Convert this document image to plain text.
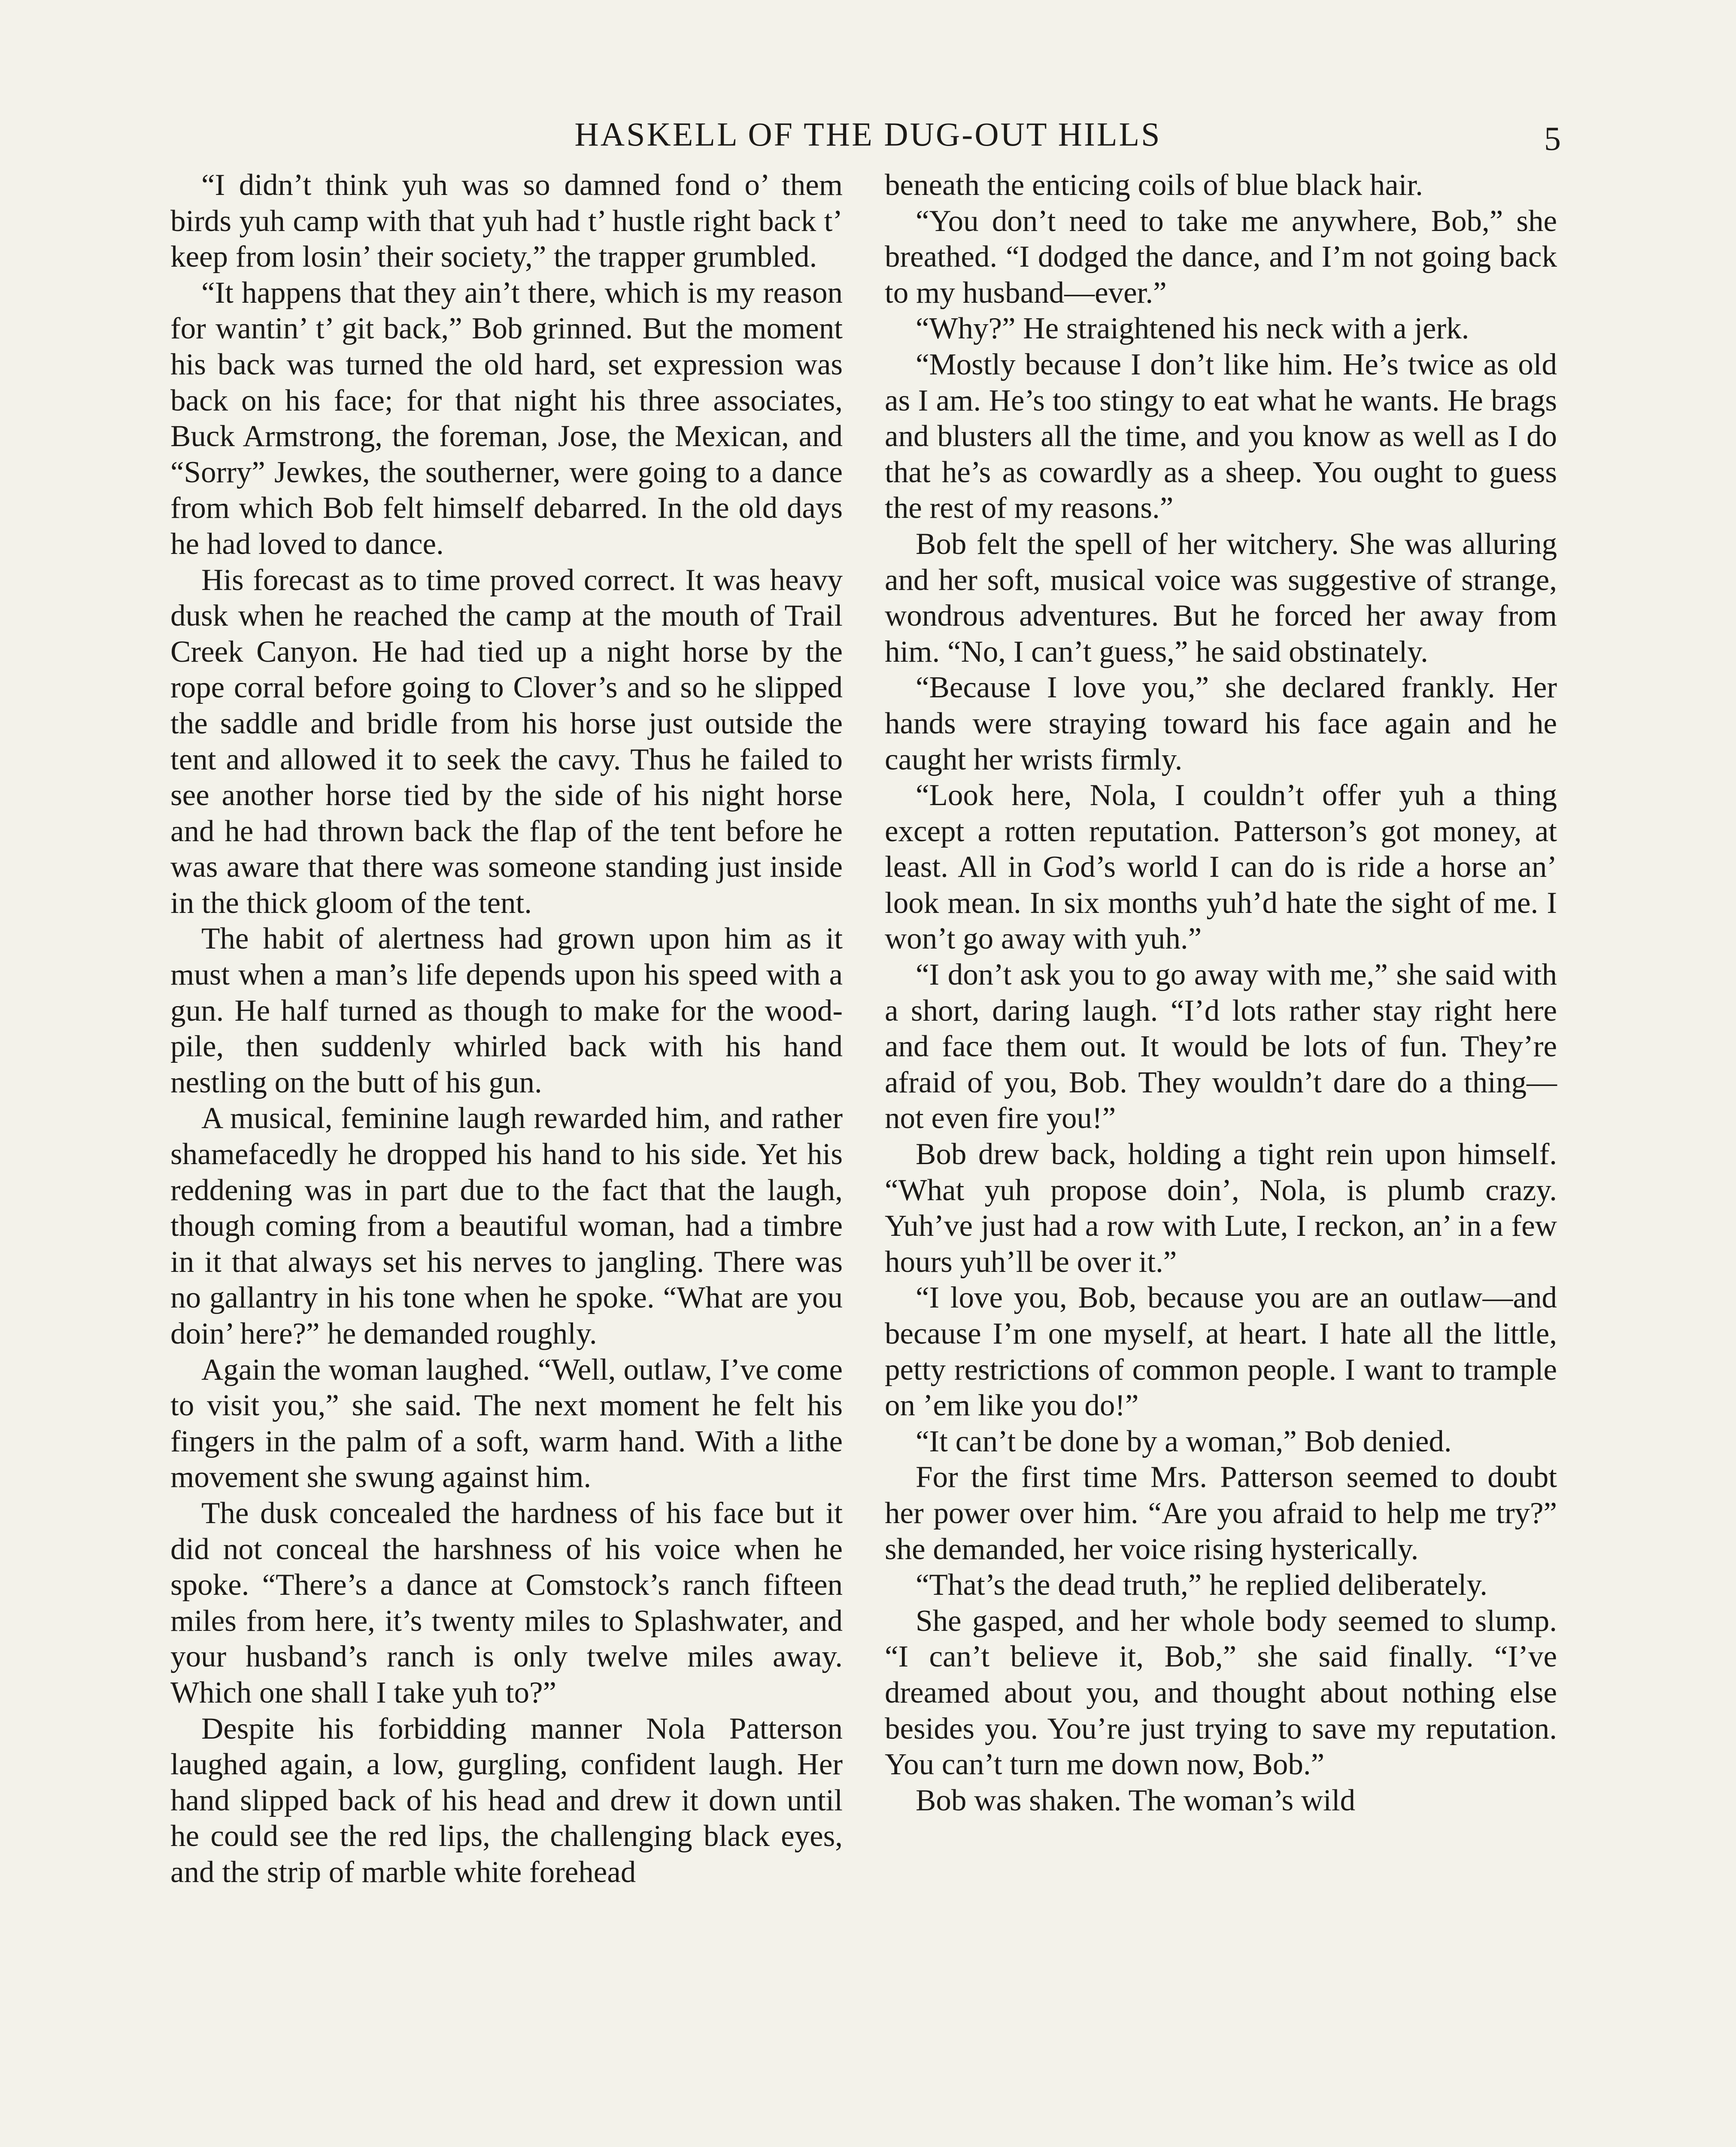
HASKELL OF THE DUG-OUT HILLS	5

“I didn’t think yuh was so damned fond o’ them birds yuh camp with that yuh had t’ hustle right back t’ keep from losin’ their society,” the trapper grumbled.

“It happens that they ain’t there, which is my reason for wantin’ t’ git back,” Bob grinned. But the moment his back was turned the old hard, set expression was back on his face; for that night his three associates, Buck Armstrong, the foreman, Jose, the Mexican, and “Sorry” Jewkes, the southerner, were going to a dance from which Bob felt himself debarred. In the old days he had loved to dance.

His forecast as to time proved correct. It was heavy dusk when he reached the camp at the mouth of Trail Creek Canyon. He had tied up a night horse by the rope corral before going to Clover’s and so he slipped the saddle and bridle from his horse just outside the tent and allowed it to seek the cavy. Thus he failed to see another horse tied by the side of his night horse and he had thrown back the flap of the tent before he was aware that there was someone standing just inside in the thick gloom of the tent.

The habit of alertness had grown upon him as it must when a man’s life depends upon his speed with a gun. He half turned as though to make for the wood-pile, then suddenly whirled back with his hand nestling on the butt of his gun.

A musical, feminine laugh rewarded him, and rather shamefacedly he dropped his hand to his side. Yet his reddening was in part due to the fact that the laugh, though coming from a beautiful woman, had a timbre in it that always set his nerves to jangling. There was no gallantry in his tone when he spoke. “What are you doin’ here?” he demanded roughly.

Again the woman laughed. “Well, outlaw, I’ve come to visit you,” she said. The next moment he felt his fingers in the palm of a soft, warm hand. With a lithe movement she swung against him.

The dusk concealed the hardness of his face but it did not conceal the harshness of his voice when he spoke. “There’s a dance at Comstock’s ranch fifteen miles from here, it’s twenty miles to Splashwater, and your husband’s ranch is only twelve miles away. Which one shall I take yuh to?”

Despite his forbidding manner Nola Patterson laughed again, a low, gurgling, confident laugh. Her hand slipped back of his head and drew it down until he could see the red lips, the challenging black eyes, and the strip of marble white forehead

beneath the enticing coils of blue black hair.

“You don’t need to take me anywhere, Bob,” she breathed. “I dodged the dance, and I’m not going back to my husband—ever.”

“Why?” He straightened his neck with a jerk.

“Mostly because I don’t like him. He’s twice as old as I am. He’s too stingy to eat what he wants. He brags and blusters all the time, and you know as well as I do that he’s as cowardly as a sheep. You ought to guess the rest of my reasons.”

Bob felt the spell of her witchery. She was alluring and her soft, musical voice was suggestive of strange, wondrous adventures. But he forced her away from him. “No, I can’t guess,” he said obstinately.

“Because I love you,” she declared frankly. Her hands were straying toward his face again and he caught her wrists firmly.

“Look here, Nola, I couldn’t offer yuh a thing except a rotten reputation. Patterson’s got money, at least. All in God’s world I can do is ride a horse an’ look mean. In six months yuh’d hate the sight of me. I won’t go away with yuh.”

“I don’t ask you to go away with me,” she said with a short, daring laugh. “I’d lots rather stay right here and face them out. It would be lots of fun. They’re afraid of you, Bob. They wouldn’t dare do a thing—not even fire you!”

Bob drew back, holding a tight rein upon himself. “What yuh propose doin’, Nola, is plumb crazy. Yuh’ve just had a row with Lute, I reckon, an’ in a few hours yuh’ll be over it.”

“I love you, Bob, because you are an outlaw—and because I’m one myself, at heart. I hate all the little, petty restrictions of common people. I want to trample on ’em like you do!”

“It can’t be done by a woman,” Bob denied.

For the first time Mrs. Patterson seemed to doubt her power over him. “Are you afraid to help me try?” she demanded, her voice rising hysterically.

“That’s the dead truth,” he replied deliberately.

She gasped, and her whole body seemed to slump. “I can’t believe it, Bob,” she said finally. “I’ve dreamed about you, and thought about nothing else besides you. You’re just trying to save my reputation. You can’t turn me down now, Bob.”

Bob was shaken. The woman’s wild
